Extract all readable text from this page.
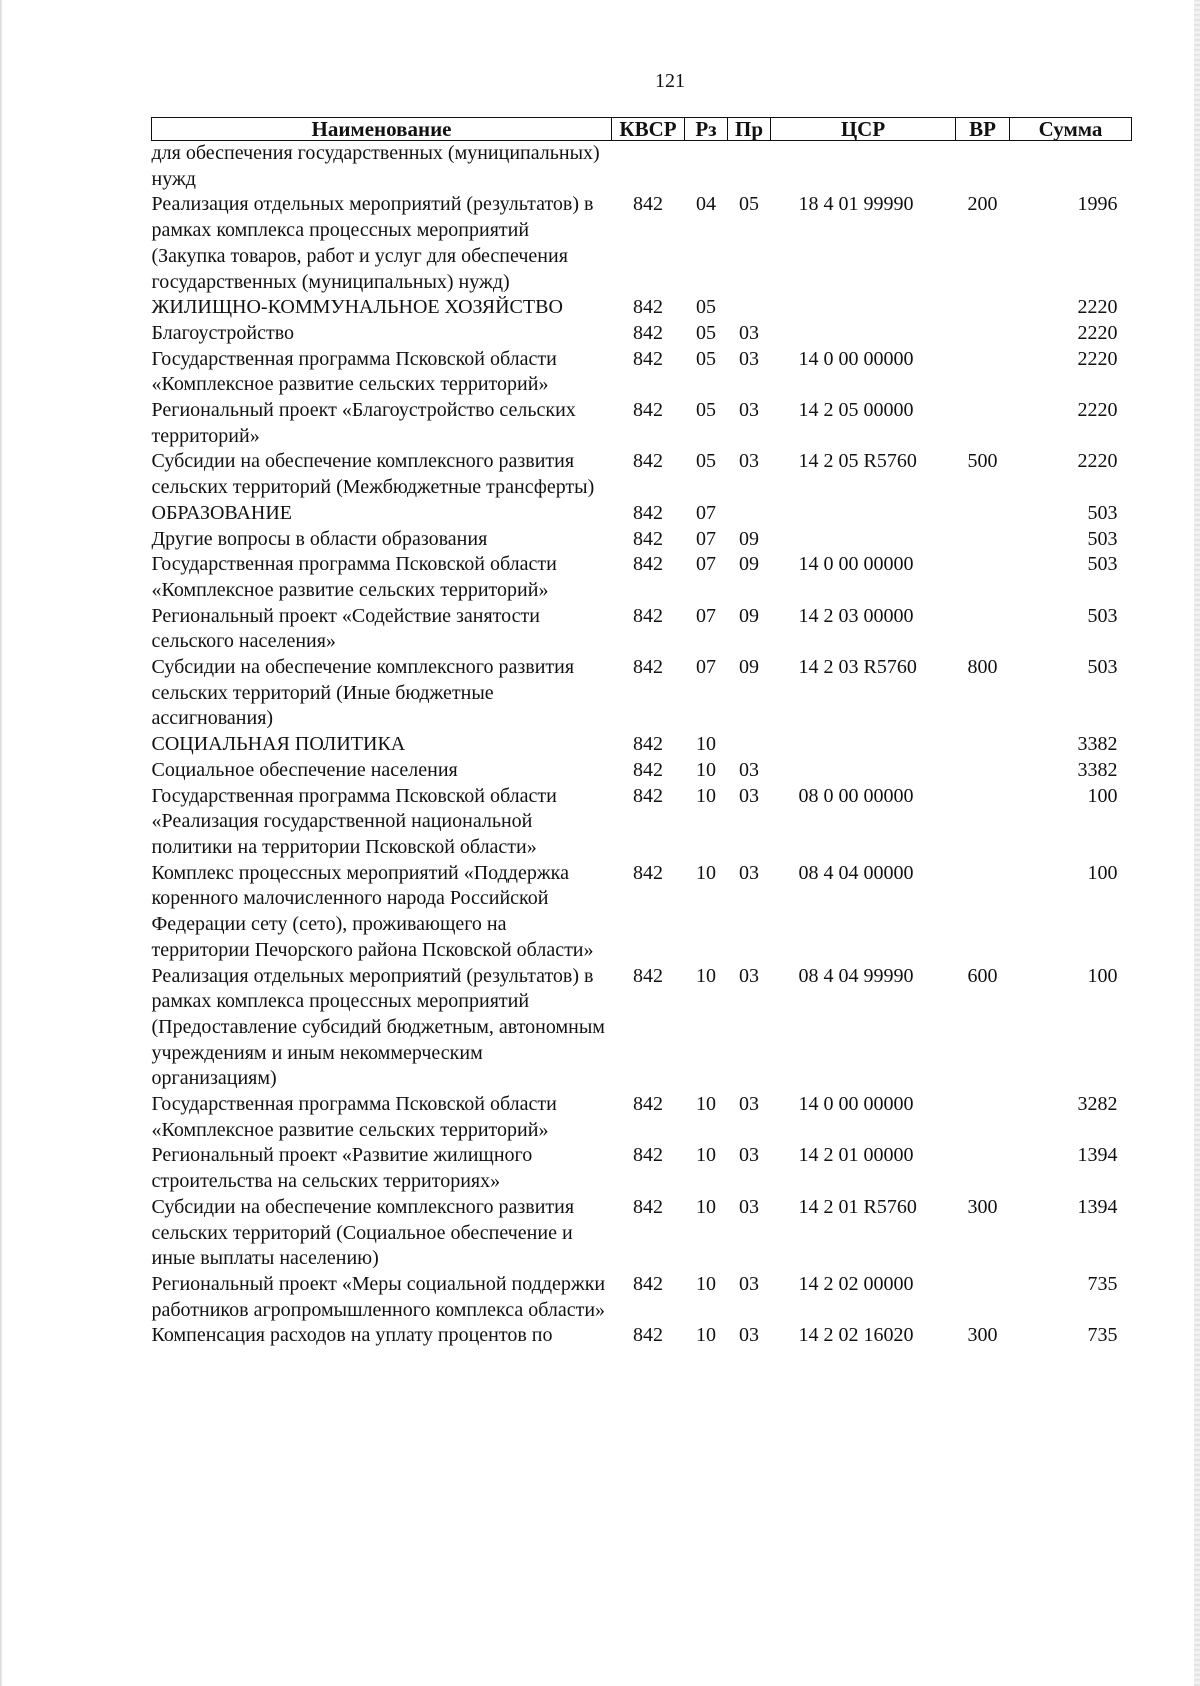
121
Наименование	КВСР	Рз	Пр	ЦСР	ВР	Сумма
для обеспечения государственных (муниципальных) нужд						
Реализация отдельных мероприятий (результатов) в рамках комплекса процессных мероприятий (Закупка товаров, работ и услуг для обеспечения государственных (муниципальных) нужд)	842	04	05	18 4 01 99990	200	1996
ЖИЛИЩНО-КОММУНАЛЬНОЕ ХОЗЯЙСТВО	842	05				2220
Благоустройство	842	05	03			2220
Государственная программа Псковской области «Комплексное развитие сельских территорий»	842	05	03	14 0 00 00000		2220
Региональный проект «Благоустройство сельских территорий»	842	05	03	14 2 05 00000		2220
Субсидии на обеспечение комплексного развития сельских территорий (Межбюджетные трансферты)	842	05	03	14 2 05 R5760	500	2220
ОБРАЗОВАНИЕ	842	07				503
Другие вопросы в области образования	842	07	09			503
Государственная программа Псковской области «Комплексное развитие сельских территорий»	842	07	09	14 0 00 00000		503
Региональный проект «Содействие занятости сельского населения»	842	07	09	14 2 03 00000		503
Субсидии на обеспечение комплексного развития сельских территорий (Иные бюджетные ассигнования)	842	07	09	14 2 03 R5760	800	503
СОЦИАЛЬНАЯ ПОЛИТИКА	842	10				3382
Социальное обеспечение населения	842	10	03			3382
Государственная программа Псковской области «Реализация государственной национальной политики на территории Псковской области»	842	10	03	08 0 00 00000		100
Комплекс процессных мероприятий «Поддержка коренного малочисленного народа Российской Федерации сету (сето), проживающего на территории Печорского района Псковской области»	842	10	03	08 4 04 00000		100
Реализация отдельных мероприятий (результатов) в рамках комплекса процессных мероприятий (Предоставление субсидий бюджетным, автономным учреждениям и иным некоммерческим организациям)	842	10	03	08 4 04 99990	600	100
Государственная программа Псковской области «Комплексное развитие сельских территорий»	842	10	03	14 0 00 00000		3282
Региональный проект «Развитие жилищного строительства на сельских территориях»	842	10	03	14 2 01 00000		1394
Субсидии на обеспечение комплексного развития сельских территорий (Социальное обеспечение и иные выплаты населению)	842	10	03	14 2 01 R5760	300	1394
Региональный проект «Меры социальной поддержки работников агропромышленного комплекса области»	842	10	03	14 2 02 00000		735
Компенсация расходов на уплату процентов по	842	10	03	14 2 02 16020	300	735
